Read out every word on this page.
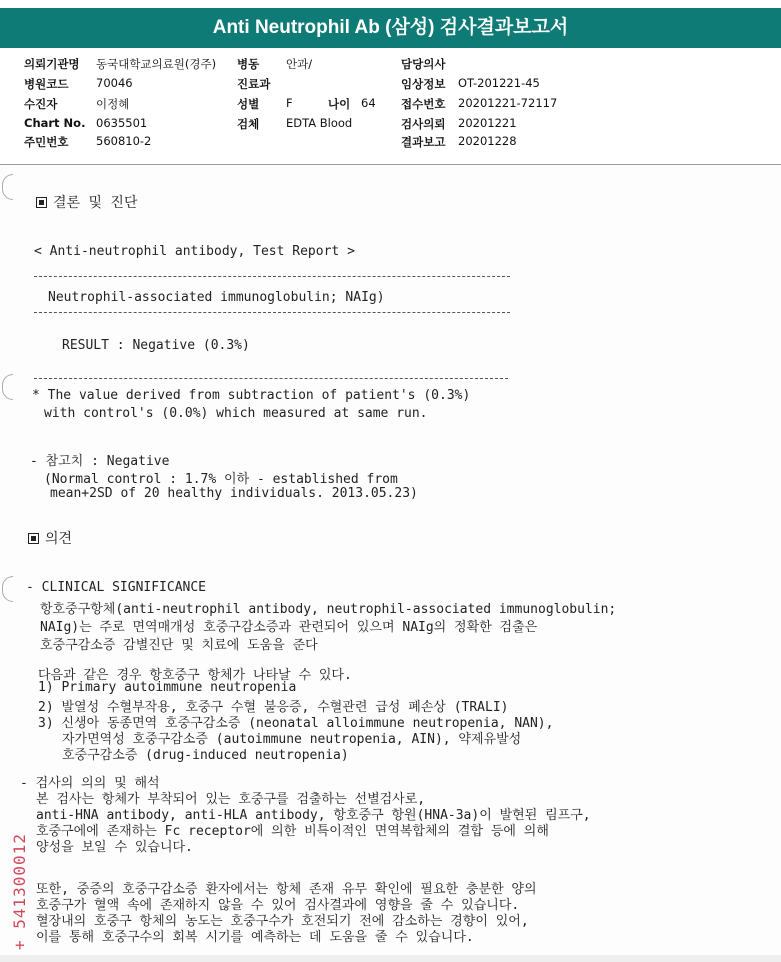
Anti Neutrophil Ab (삼성) 검사결과보고서
의뢰기관명 동국대학교의료원(경주)
병원코드 70046
수진자	이정혜
Chart No. 0635501
주민번호 560810-2
병동 안과/
진료과
성별 F	나이 64
검체 EDTA Blood
담당의사
임상정보 OT-201221-45
접수번호 20201221-72117
검사의뢰 20201221
결과보고 20201228
결론 및 진단
< Anti-neutrophil antibody, Test Report >
Neutrophil-associated immunoglobulin; NAIg)
RESULT : Negative (0.3%)
* The value derived from subtraction of patient's (0.3%)
with control's (0.0%) which measured at same run.
- 참고치 : Negative
(Normal control : 1.7% 이하 - established from
mean+2SD of 20 healthy individuals. 2013.05.23)
의견
- CLINICAL SIGNIFICANCE
항호중구항체(anti-neutrophil antibody, neutrophil-associated immunoglobulin;
NAIg)는 주로 면역매개성 호중구감소증과 관련되어 있으며 NAIg의 정확한 검출은
호중구감소증 감별진단 및 치료에 도움을 준다
다음과 같은 경우 항호중구 항체가 나타날 수 있다.
1) Primary autoimmune neutropenia
2) 발열성 수혈부작용, 호중구 수혈 불응증, 수혈관련 급성 폐손상 (TRALI)
3) 신생아 동종면역 호중구감소증 (neonatal alloimmune neutropenia, NAN),
자가면역성 호중구감소증 (autoimmune neutropenia, AIN), 약제유발성
호중구감소증 (drug-induced neutropenia)
- 검사의 의의 및 해석
본 검사는 항체가 부착되어 있는 호중구를 검출하는 선별검사로,
anti-HNA antibody, anti-HLA antibody, 항호중구 항원(HNA-3a)이 발현된 림프구,
호중구에에 존재하는 Fc receptor에 의한 비특이적인 면역복합체의 결합 등에 의해
양성을 보일 수 있습니다.
또한, 중증의 호중구감소증 환자에서는 항체 존재 유무 확인에 필요한 충분한 양의
호중구가 혈액 속에 존재하지 않을 수 있어 검사결과에 영향을 줄 수 있습니다.
혈장내의 호중구 항체의 농도는 호중구수가 호전되기 전에 감소하는 경향이 있어,
이를 통해 호중구수의 회복 시기를 예측하는 데 도움을 줄 수 있습니다.
+ 541300012
